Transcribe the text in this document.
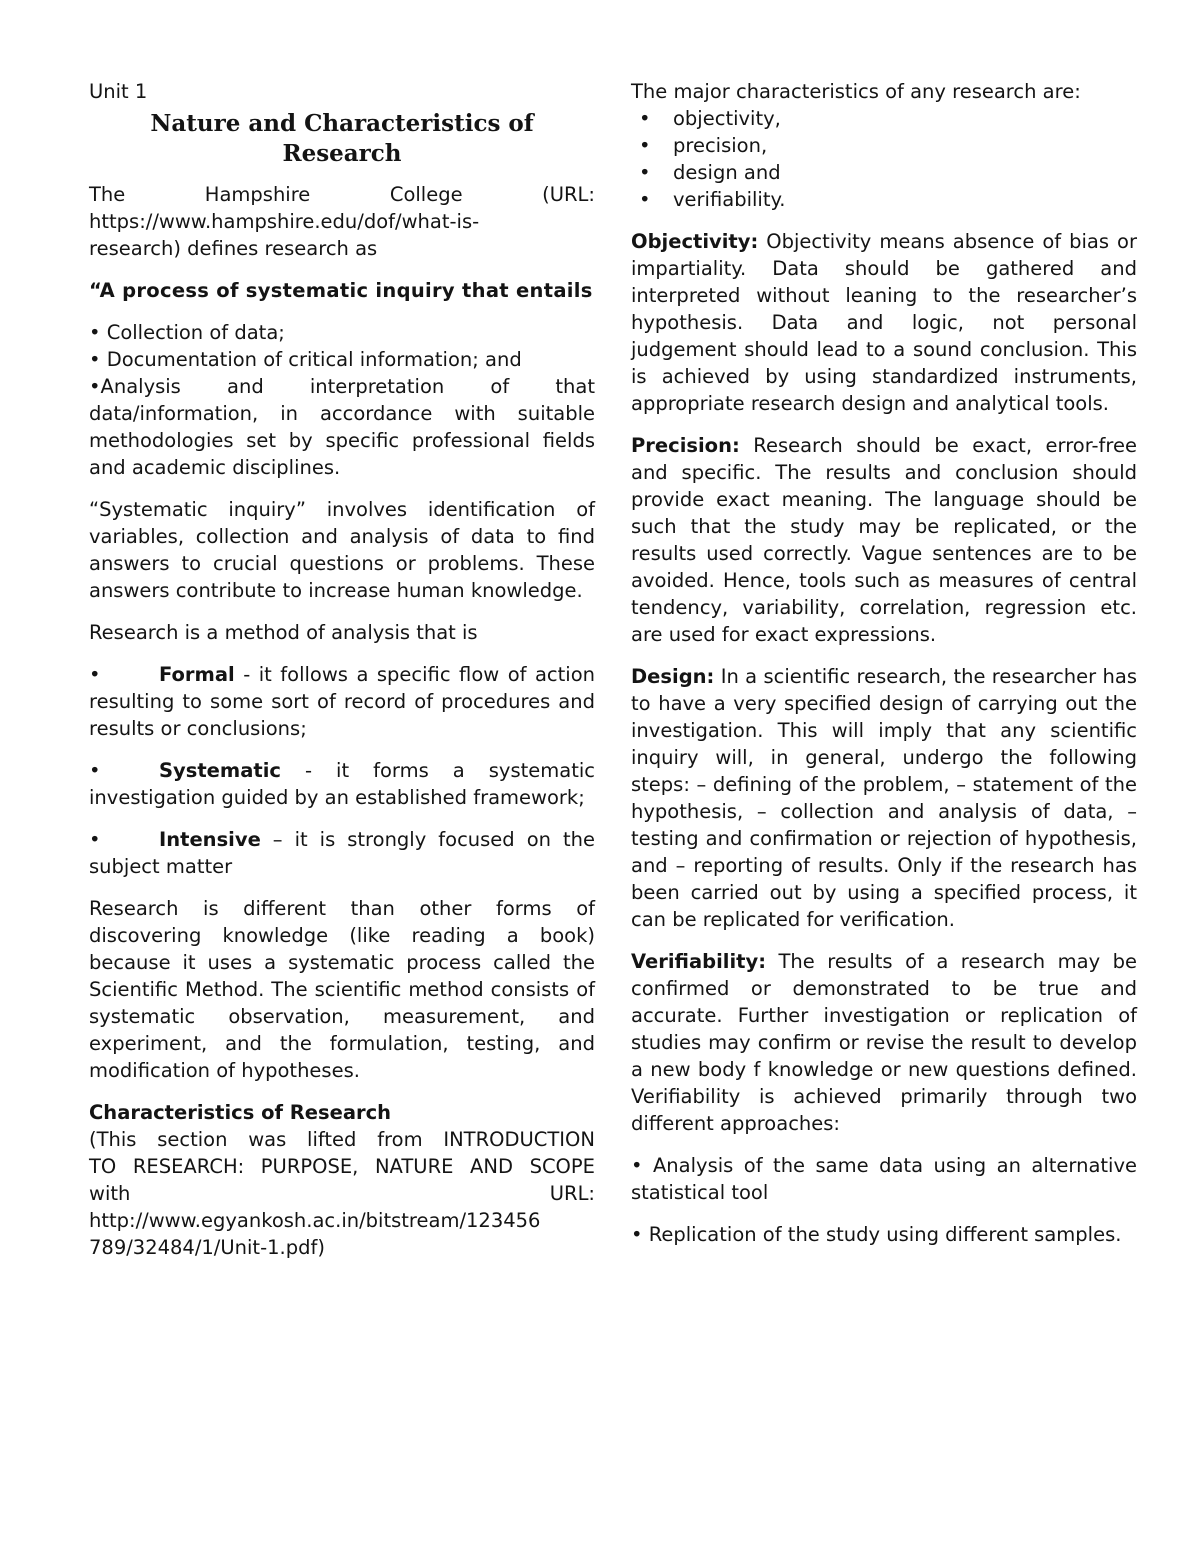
Unit 1

Nature and Characteristics of Research

The Hampshire College (URL:
https://www.hampshire.edu/dof/what-is-
research) defines research as

“A process of systematic inquiry that entails

• Collection of data;
• Documentation of critical information; and
•Analysis and interpretation of that data/information, in accordance with suitable methodologies set by specific professional fields and academic disciplines.

“Systematic inquiry” involves identification of variables, collection and analysis of data to find answers to crucial questions or problems. These answers contribute to increase human knowledge.

Research is a method of analysis that is

•	Formal - it follows a specific flow of action resulting to some sort of record of procedures and results or conclusions;

•	Systematic - it forms a systematic investigation guided by an established framework;

•	Intensive – it is strongly focused on the subject matter

Research is different than other forms of discovering knowledge (like reading a book) because it uses a systematic process called the Scientific Method. The scientific method consists of systematic observation, measurement, and experiment, and the formulation, testing, and modification of hypotheses.

Characteristics of Research

(This section was lifted from INTRODUCTION
TO RESEARCH: PURPOSE, NATURE AND SCOPE
with URL:
http://www.egyankosh.ac.in/bitstream/123456
789/32484/1/Unit-1.pdf)

The major characteristics of any research are:

• objectivity,
• precision,
• design and
• verifiability.

Objectivity: Objectivity means absence of bias or impartiality. Data should be gathered and interpreted without leaning to the researcher’s hypothesis. Data and logic, not personal judgement should lead to a sound conclusion. This is achieved by using standardized instruments, appropriate research design and analytical tools.

Precision: Research should be exact, error-free and specific. The results and conclusion should provide exact meaning. The language should be such that the study may be replicated, or the results used correctly. Vague sentences are to be avoided. Hence, tools such as measures of central tendency, variability, correlation, regression etc. are used for exact expressions.

Design: In a scientific research, the researcher has to have a very specified design of carrying out the investigation. This will imply that any scientific inquiry will, in general, undergo the following steps: – defining of the problem, – statement of the hypothesis, – collection and analysis of data, – testing and confirmation or rejection of hypothesis, and – reporting of results. Only if the research has been carried out by using a specified process, it can be replicated for verification.

Verifiability: The results of a research may be confirmed or demonstrated to be true and accurate. Further investigation or replication of studies may confirm or revise the result to develop a new body f knowledge or new questions defined. Verifiability is achieved primarily through two different approaches:

• Analysis of the same data using an alternative statistical tool

• Replication of the study using different samples.
